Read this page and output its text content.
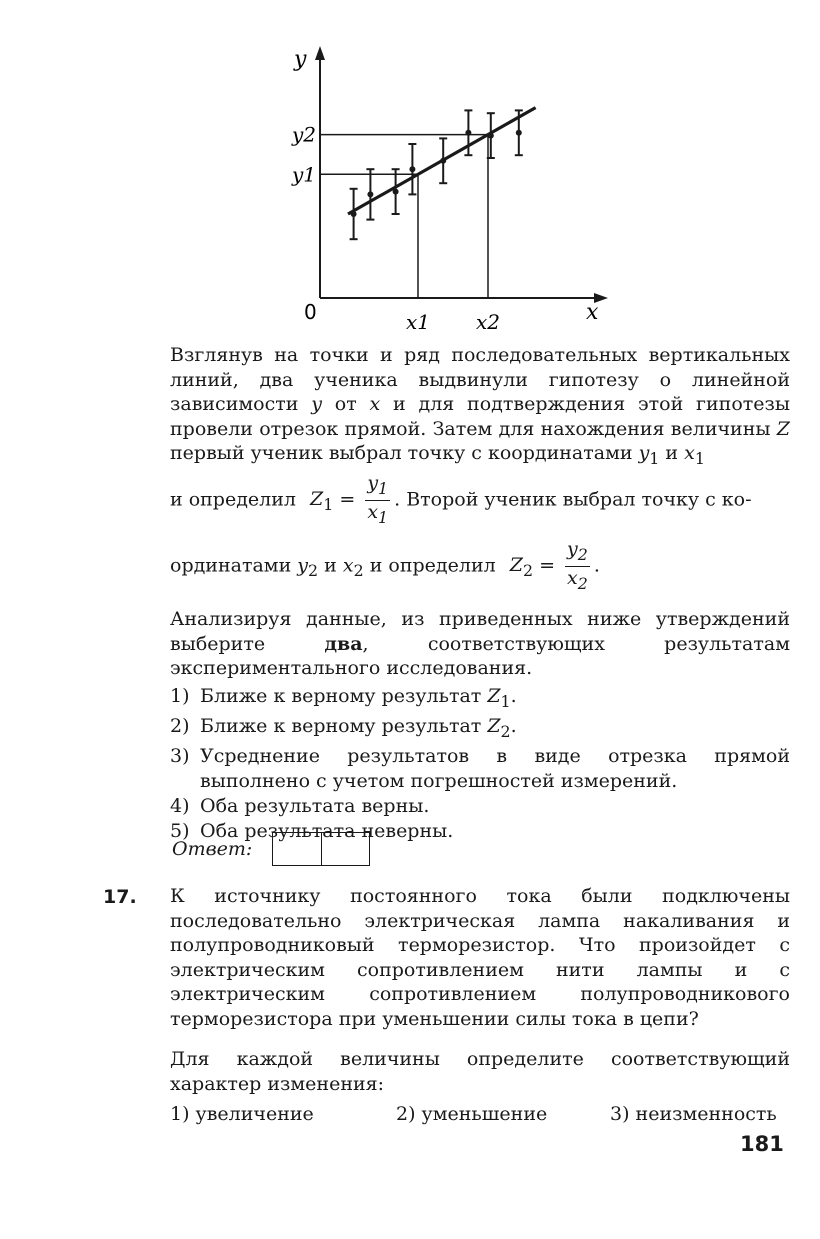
y
x
0	x1
y1
x2
y2

Взглянув на точки и ряд последовательных вертикальных линий, два ученика выдвинули гипотезу о линейной зависимости y от x и для подтверждения этой гипотезы провели отрезок прямой. Затем для нахождения величины Z первый ученик выбрал точку с координатами $y_1$ и $x_1$

и определил $Z_1 = \frac{y_1}{x_1}$ . Второй ученик выбрал точку с ко-
ординатами $y_2$ и $x_2$ и определил $Z_2 = \frac{y_2}{x_2}$ .

Анализируя данные, из приведенных ниже утверждений выберите	два, соответствующих результатам экспериментального исследования.

1) Ближе к верному результат $Z_1$.
2) Ближе к верному результат $Z_2$.
3) Усреднение результатов в виде отрезка прямой выполнено с учетом погрешностей измерений.
4) Оба результата верны.
5) Оба результата неверны.
Ответ:
17. К источнику постоянного тока были подключены последовательно электрическая лампа накаливания и полупроводниковый терморезистор. Что произойдет с электрическим сопротивлением нити лампы и с электрическим сопротивлением полупроводникового терморезистора при уменьшении силы тока в цепи?

Для каждой величины определите соответствующий характер изменения:

1) увеличение	2) уменьшение	3) неизменность
181
